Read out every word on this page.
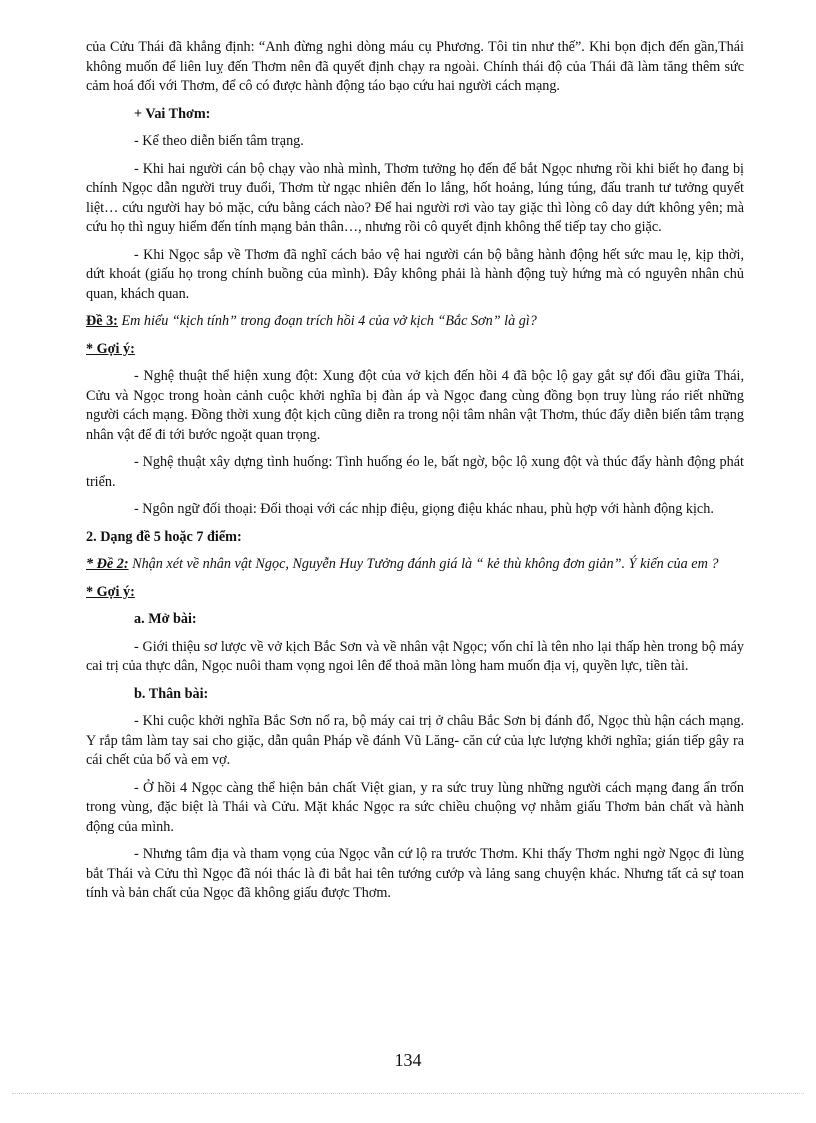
của Cửu Thái đã khẳng định: “Anh đừng nghi dòng máu cụ Phương. Tôi tin như thế”. Khi bọn địch đến gần,Thái không muốn để liên luỵ đến Thơm nên đã quyết định chạy ra ngoài. Chính thái độ của Thái đã làm tăng thêm sức cảm hoá đối với Thơm, để cô có được hành động táo bạo cứu hai người cách mạng.

+ Vai Thơm:

- Kể theo diễn biến tâm trạng.

- Khi hai người cán bộ chạy vào nhà mình, Thơm tưởng họ đến để bắt Ngọc nhưng rồi khi biết họ đang bị chính Ngọc dẫn người truy đuổi, Thơm từ ngạc nhiên đến lo lắng, hốt hoảng, lúng túng, đấu tranh tư tưởng quyết liệt… cứu người hay bỏ mặc, cứu bằng cách nào? Để hai người rơi vào tay giặc thì lòng cô day dứt không yên; mà cứu họ thì nguy hiểm đến tính mạng bản thân…, nhưng rồi cô quyết định không thể tiếp tay cho giặc.

- Khi Ngọc sắp về Thơm đã nghĩ cách bảo vệ hai người cán bộ bằng hành động hết sức mau lẹ, kịp thời, dứt khoát (giấu họ trong chính buồng của mình). Đây không phải là hành động tuỳ hứng mà có nguyên nhân chủ quan, khách quan.

Đề 3: Em hiểu “kịch tính” trong đoạn trích hồi 4 của vở kịch “Bắc Sơn” là gì?

* Gợi ý:

- Nghệ thuật thể hiện xung đột: Xung đột của vở kịch đến hồi 4 đã bộc lộ gay gắt sự đối đầu giữa Thái, Cửu và Ngọc trong hoàn cảnh cuộc khởi nghĩa bị đàn áp và Ngọc đang cùng đồng bọn truy lùng ráo riết những người cách mạng. Đồng thời xung đột kịch cũng diễn ra trong nội tâm nhân vật Thơm, thúc đẩy diễn biến tâm trạng nhân vật để đi tới bước ngoặt quan trọng.

- Nghệ thuật xây dựng tình huống: Tình huống éo le, bất ngờ, bộc lộ xung đột và thúc đẩy hành động phát triển.

- Ngôn ngữ đối thoại: Đối thoại với các nhịp điệu, giọng điệu khác nhau, phù hợp với hành động kịch.

2. Dạng đề 5 hoặc 7 điểm:

* Đề 2: Nhận xét về nhân vật Ngọc, Nguyễn Huy Tưởng đánh giá là “ kẻ thù không đơn giản”. Ý kiến của em ?

* Gợi ý:

a. Mở bài:

- Giới thiệu sơ lược về vở kịch Bắc Sơn và về nhân vật Ngọc; vốn chỉ là tên nho lại thấp hèn trong bộ máy cai trị của thực dân, Ngọc nuôi tham vọng ngoi lên để thoả mãn lòng ham muốn địa vị, quyền lực, tiền tài.

b. Thân bài:

- Khi cuộc khởi nghĩa Bắc Sơn nổ ra, bộ máy cai trị ở châu Bắc Sơn bị đánh đổ, Ngọc thù hận cách mạng. Y rắp tâm làm tay sai cho giặc, dẫn quân Pháp về đánh Vũ Lăng- căn cứ của lực lượng khởi nghĩa; gián tiếp gây ra cái chết của bố và em vợ.

- Ở hồi 4 Ngọc càng thể hiện bản chất Việt gian, y ra sức truy lùng những người cách mạng đang ẩn trốn trong vùng, đặc biệt là Thái và Cửu. Mặt khác Ngọc ra sức chiều chuộng vợ nhằm giấu Thơm bản chất và hành động của mình.

- Nhưng tâm địa và tham vọng của Ngọc vẫn cứ lộ ra trước Thơm. Khi thấy Thơm nghi ngờ Ngọc đi lùng bắt Thái và Cửu thì Ngọc đã nói thác là đi bắt hai tên tướng cướp và lảng sang chuyện khác. Nhưng tất cả sự toan tính và bản chất của Ngọc đã không giấu được Thơm.

134
